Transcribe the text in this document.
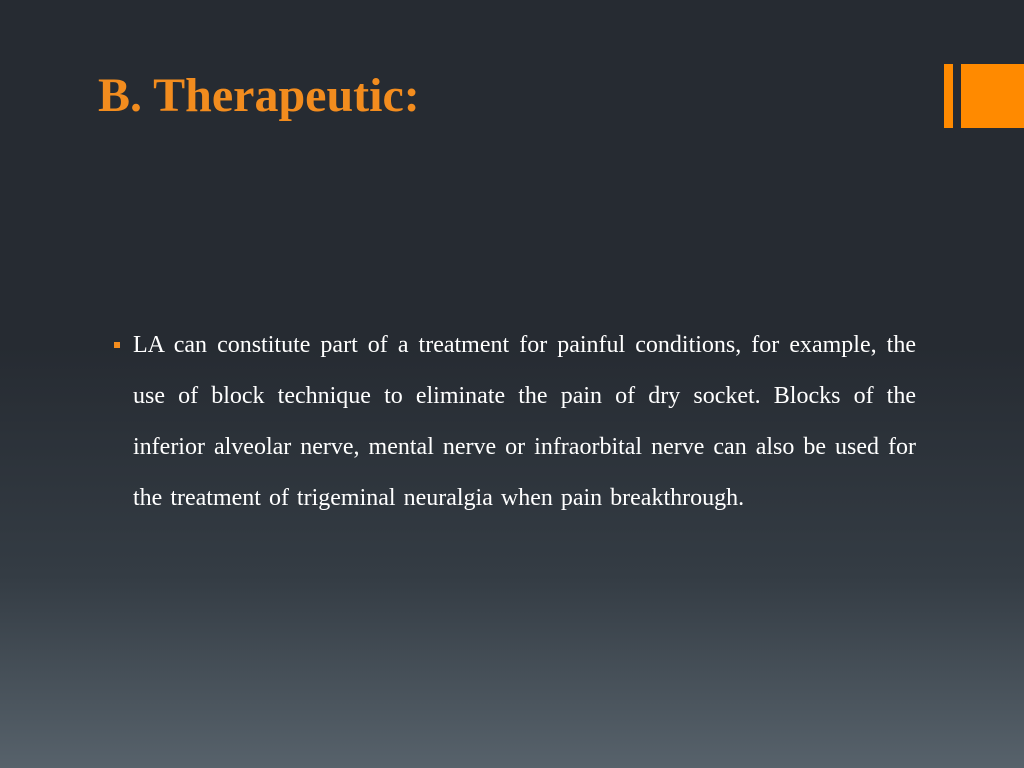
B. Therapeutic:
LA can constitute part of a treatment for painful conditions, for example, the use of block technique to eliminate the pain of dry socket. Blocks of the inferior alveolar nerve, mental nerve or infraorbital nerve can also be used for the treatment of trigeminal neuralgia when pain breakthrough.
